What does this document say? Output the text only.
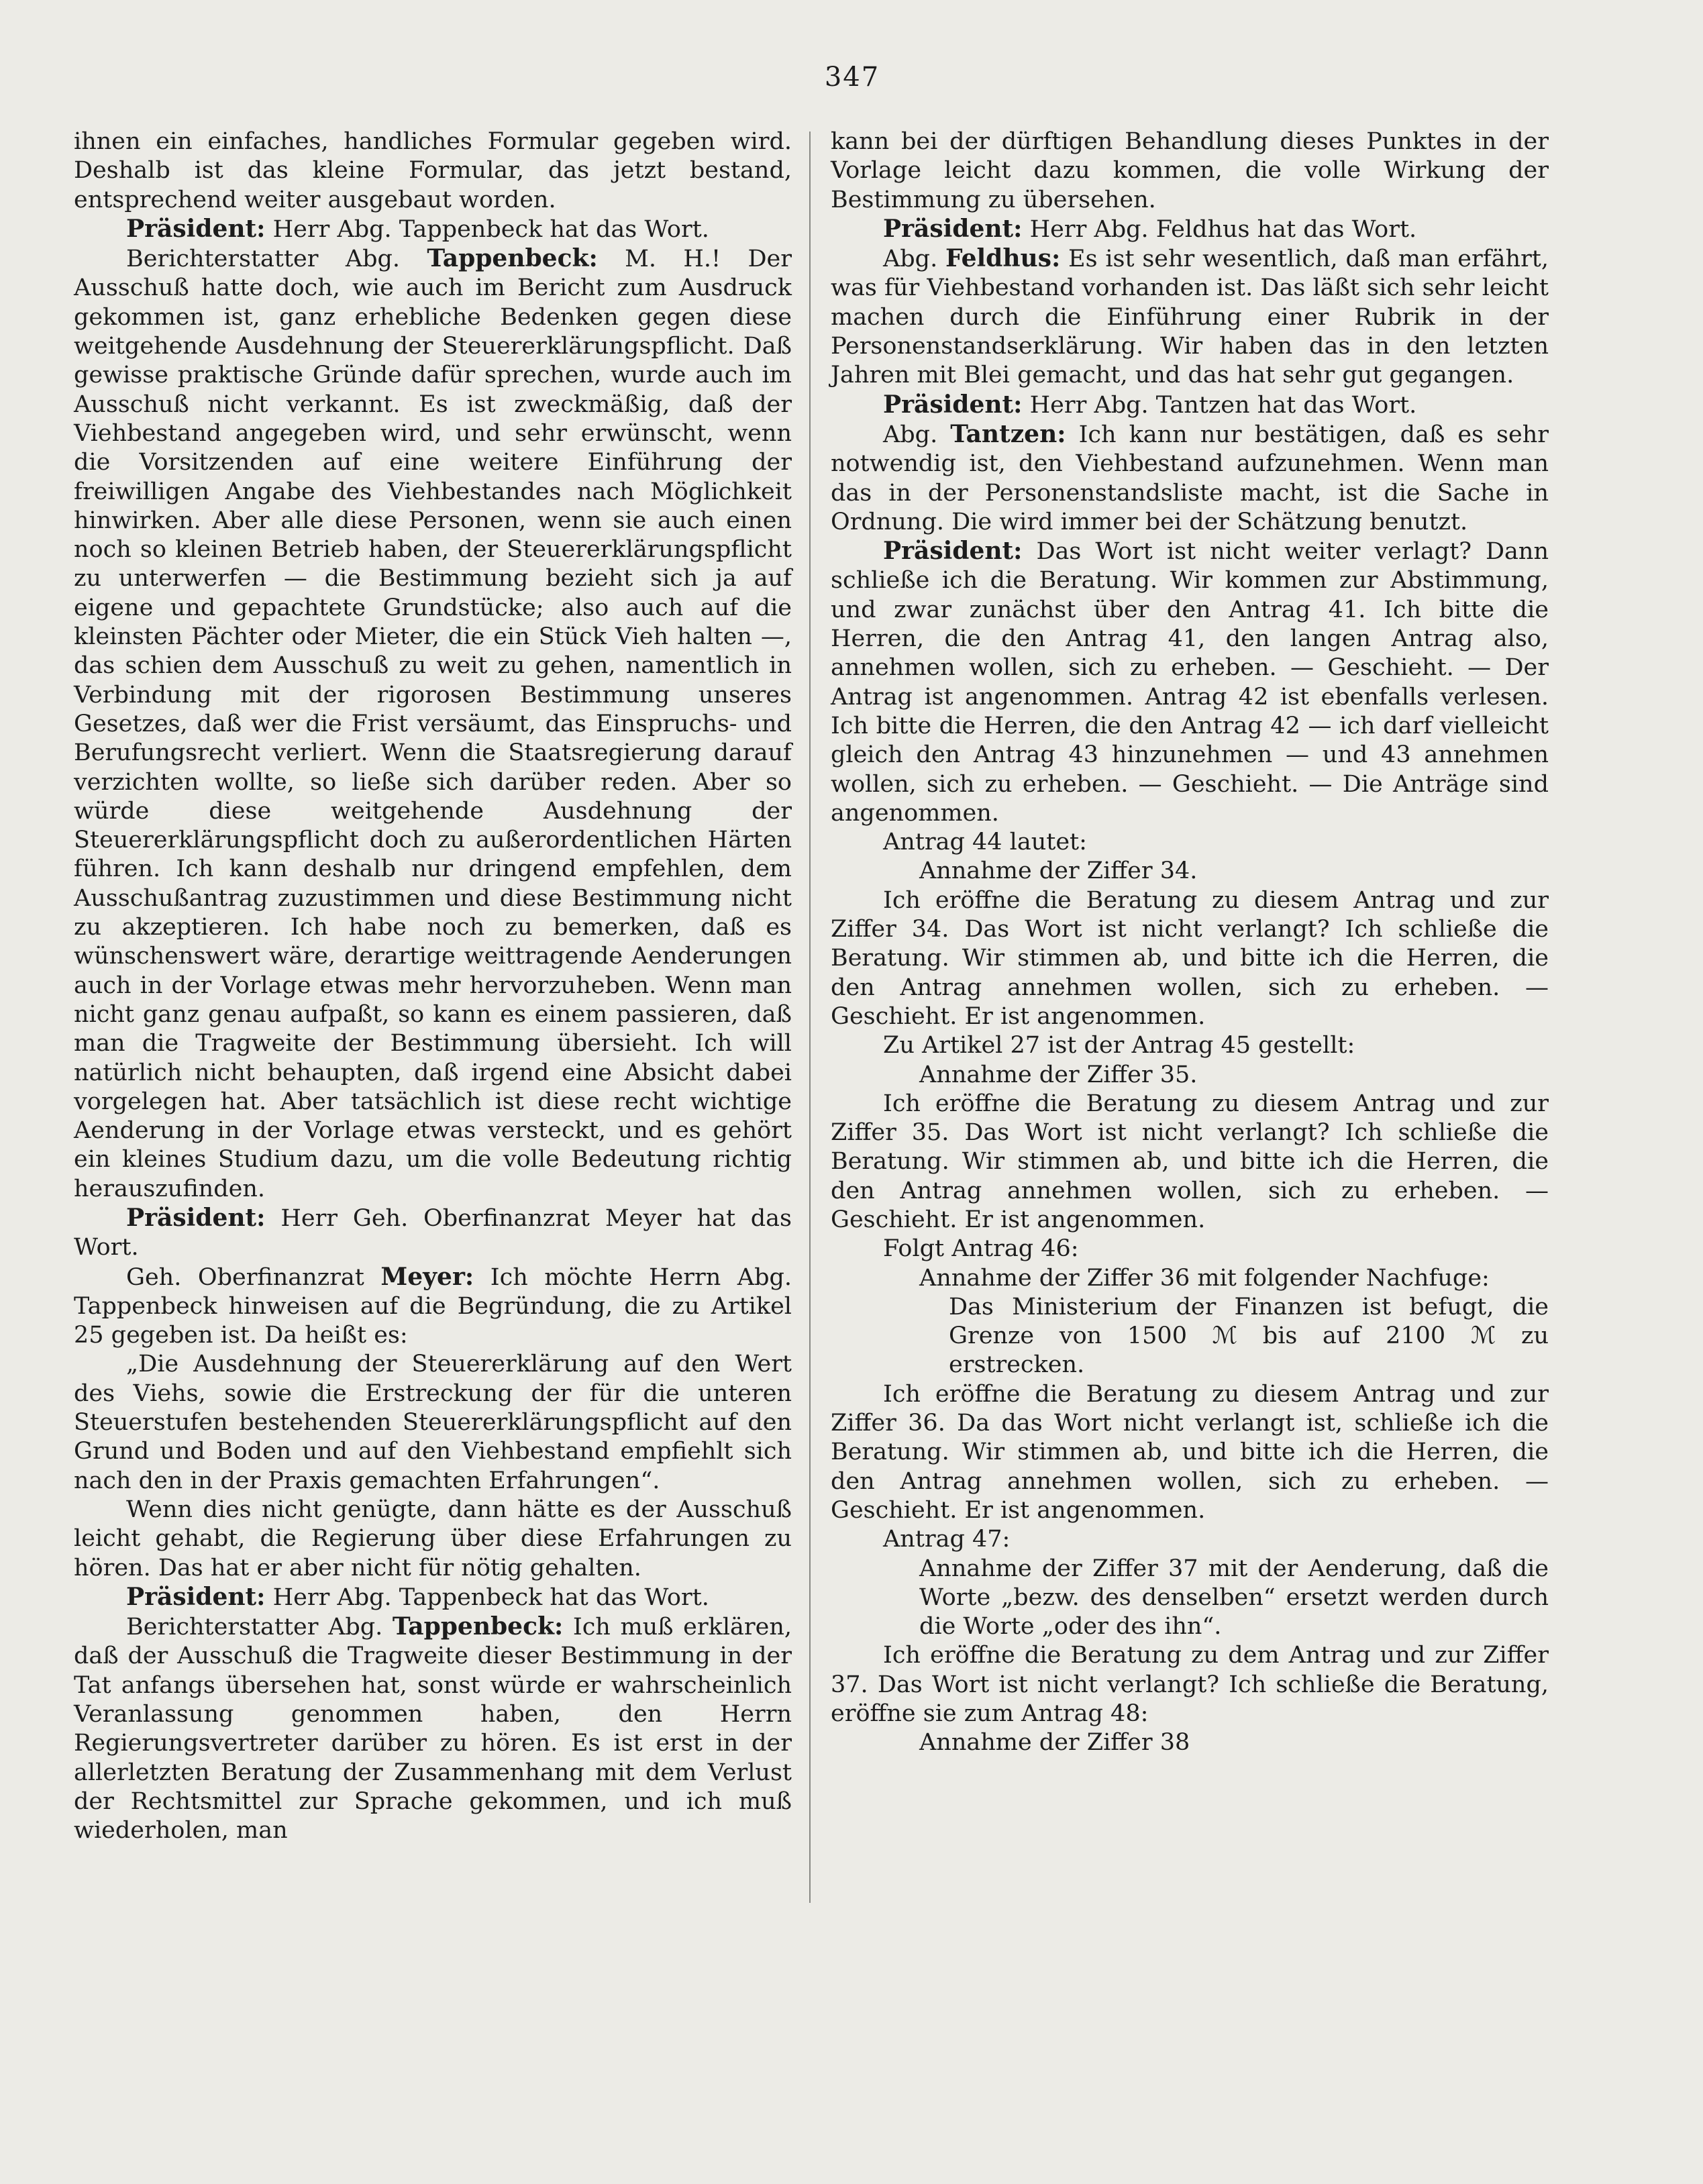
347

ihnen ein einfaches, handliches Formular gegeben wird. Deshalb ist das kleine Formular, das jetzt bestand, entsprechend weiter ausgebaut worden.

Präsident: Herr Abg. Tappenbeck hat das Wort.

Berichterstatter Abg. Tappenbeck: M. H.! Der Ausschuß hatte doch, wie auch im Bericht zum Ausdruck gekommen ist, ganz erhebliche Bedenken gegen diese weitgehende Ausdehnung der Steuererklärungspflicht. Daß gewisse praktische Gründe dafür sprechen, wurde auch im Ausschuß nicht verkannt. Es ist zweckmäßig, daß der Viehbestand angegeben wird, und sehr erwünscht, wenn die Vorsitzenden auf eine weitere Einführung der freiwilligen Angabe des Viehbestandes nach Möglichkeit hinwirken. Aber alle diese Personen, wenn sie auch einen noch so kleinen Betrieb haben, der Steuererklärungspflicht zu unterwerfen — die Bestimmung bezieht sich ja auf eigene und gepachtete Grundstücke; also auch auf die kleinsten Pächter oder Mieter, die ein Stück Vieh halten —, das schien dem Ausschuß zu weit zu gehen, namentlich in Verbindung mit der rigorosen Bestimmung unseres Gesetzes, daß wer die Frist versäumt, das Einspruchs- und Berufungsrecht verliert. Wenn die Staatsregierung darauf verzichten wollte, so ließe sich darüber reden. Aber so würde diese weitgehende Ausdehnung der Steuererklärungspflicht doch zu außerordentlichen Härten führen. Ich kann deshalb nur dringend empfehlen, dem Ausschußantrag zuzustimmen und diese Bestimmung nicht zu akzeptieren. Ich habe noch zu bemerken, daß es wünschenswert wäre, derartige weittragende Aenderungen auch in der Vorlage etwas mehr hervorzuheben. Wenn man nicht ganz genau aufpaßt, so kann es einem passieren, daß man die Tragweite der Bestimmung übersieht. Ich will natürlich nicht behaupten, daß irgend eine Absicht dabei vorgelegen hat. Aber tatsächlich ist diese recht wichtige Aenderung in der Vorlage etwas versteckt, und es gehört ein kleines Studium dazu, um die volle Bedeutung richtig herauszufinden.

Präsident: Herr Geh. Oberfinanzrat Meyer hat das Wort.

Geh. Oberfinanzrat Meyer: Ich möchte Herrn Abg. Tappenbeck hinweisen auf die Begründung, die zu Artikel 25 gegeben ist. Da heißt es:

„Die Ausdehnung der Steuererklärung auf den Wert des Viehs, sowie die Erstreckung der für die unteren Steuerstufen bestehenden Steuererklärungspflicht auf den Grund und Boden und auf den Viehbestand empfiehlt sich nach den in der Praxis gemachten Erfahrungen“.

Wenn dies nicht genügte, dann hätte es der Ausschuß leicht gehabt, die Regierung über diese Erfahrungen zu hören. Das hat er aber nicht für nötig gehalten.

Präsident: Herr Abg. Tappenbeck hat das Wort.

Berichterstatter Abg. Tappenbeck: Ich muß erklären, daß der Ausschuß die Tragweite dieser Bestimmung in der Tat anfangs übersehen hat, sonst würde er wahrscheinlich Veranlassung genommen haben, den Herrn Regierungsvertreter darüber zu hören. Es ist erst in der allerletzten Beratung der Zusammenhang mit dem Verlust der Rechtsmittel zur Sprache gekommen, und ich muß wiederholen, man

kann bei der dürftigen Behandlung dieses Punktes in der Vorlage leicht dazu kommen, die volle Wirkung der Bestimmung zu übersehen.

Präsident: Herr Abg. Feldhus hat das Wort.

Abg. Feldhus: Es ist sehr wesentlich, daß man erfährt, was für Viehbestand vorhanden ist. Das läßt sich sehr leicht machen durch die Einführung einer Rubrik in der Personenstandserklärung. Wir haben das in den letzten Jahren mit Blei gemacht, und das hat sehr gut gegangen.

Präsident: Herr Abg. Tantzen hat das Wort.

Abg. Tantzen: Ich kann nur bestätigen, daß es sehr notwendig ist, den Viehbestand aufzunehmen. Wenn man das in der Personenstandsliste macht, ist die Sache in Ordnung. Die wird immer bei der Schätzung benutzt.

Präsident: Das Wort ist nicht weiter verlagt? Dann schließe ich die Beratung. Wir kommen zur Abstimmung, und zwar zunächst über den Antrag 41. Ich bitte die Herren, die den Antrag 41, den langen Antrag also, annehmen wollen, sich zu erheben. — Geschieht. — Der Antrag ist angenommen. Antrag 42 ist ebenfalls verlesen. Ich bitte die Herren, die den Antrag 42 — ich darf vielleicht gleich den Antrag 43 hinzunehmen — und 43 annehmen wollen, sich zu erheben. — Geschieht. — Die Anträge sind angenommen.

Antrag 44 lautet:

Annahme der Ziffer 34.

Ich eröffne die Beratung zu diesem Antrag und zur Ziffer 34. Das Wort ist nicht verlangt? Ich schließe die Beratung. Wir stimmen ab, und bitte ich die Herren, die den Antrag annehmen wollen, sich zu erheben. — Geschieht. Er ist angenommen.

Zu Artikel 27 ist der Antrag 45 gestellt:

Annahme der Ziffer 35.

Ich eröffne die Beratung zu diesem Antrag und zur Ziffer 35. Das Wort ist nicht verlangt? Ich schließe die Beratung. Wir stimmen ab, und bitte ich die Herren, die den Antrag annehmen wollen, sich zu erheben. — Geschieht. Er ist angenommen.

Folgt Antrag 46:

Annahme der Ziffer 36 mit folgender Nachfuge:

Das Ministerium der Finanzen ist befugt, die Grenze von 1500 ℳ bis auf 2100 ℳ zu erstrecken.

Ich eröffne die Beratung zu diesem Antrag und zur Ziffer 36. Da das Wort nicht verlangt ist, schließe ich die Beratung. Wir stimmen ab, und bitte ich die Herren, die den Antrag annehmen wollen, sich zu erheben. — Geschieht. Er ist angenommen.

Antrag 47:

Annahme der Ziffer 37 mit der Aenderung, daß die Worte „bezw. des denselben“ ersetzt werden durch die Worte „oder des ihn“.

Ich eröffne die Beratung zu dem Antrag und zur Ziffer 37. Das Wort ist nicht verlangt? Ich schließe die Beratung, eröffne sie zum Antrag 48:

Annahme der Ziffer 38
